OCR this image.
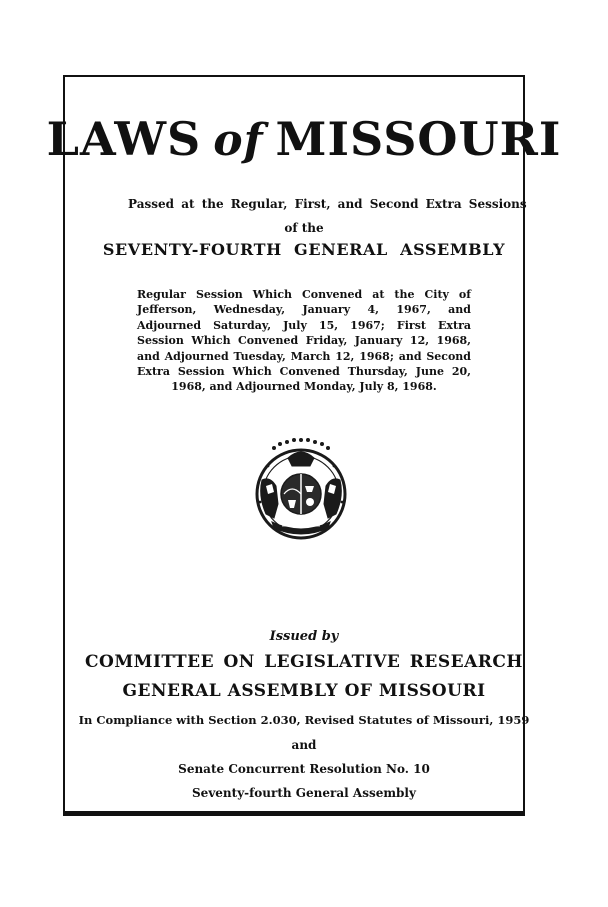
LAWS of MISSOURI
Passed at the Regular, First, and Second Extra Sessions
of the
SEVENTY-FOURTH GENERAL ASSEMBLY
Regular Session Which Convened at the City of Jefferson, Wednesday, January 4, 1967, and Adjourned Saturday, July 15, 1967; First Extra Session Which Convened Friday, January 12, 1968, and Adjourned Tuesday, March 12, 1968; and Second Extra Session Which Convened Thursday, June 20, 1968, and Adjourned Monday, July 8, 1968.
Issued by
COMMITTEE ON LEGISLATIVE RESEARCH
GENERAL ASSEMBLY OF MISSOURI
In Compliance with Section 2.030, Revised Statutes of Missouri, 1959
and
Senate Concurrent Resolution No. 10
Seventy-fourth General Assembly
